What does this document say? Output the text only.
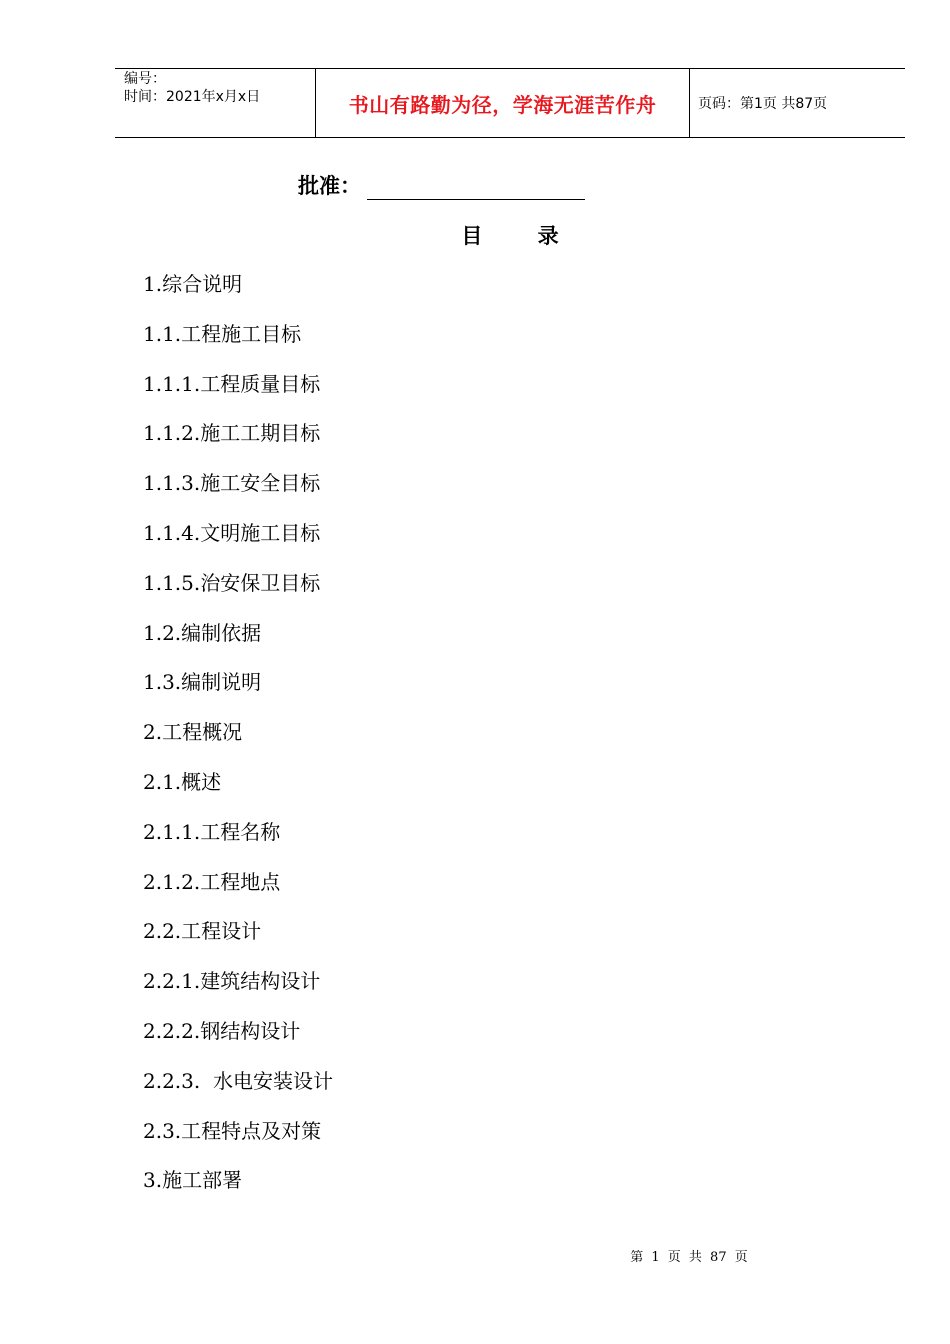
编号：
时间：2021年x月x日	书山有路勤为径，学海无涯苦作舟	页码：第1页 共87页
批准：
目 录
1.综合说明
1.1.工程施工目标
1.1.1.工程质量目标
1.1.2.施工工期目标
1.1.3.施工安全目标
1.1.4.文明施工目标
1.1.5.治安保卫目标
1.2.编制依据
1.3.编制说明
2.工程概况
2.1.概述
2.1.1.工程名称
2.1.2.工程地点
2.2.工程设计
2.2.1.建筑结构设计
2.2.2.钢结构设计
2.2.3.  水电安装设计
2.3.工程特点及对策
3.施工部署
第 1 页 共 87 页
